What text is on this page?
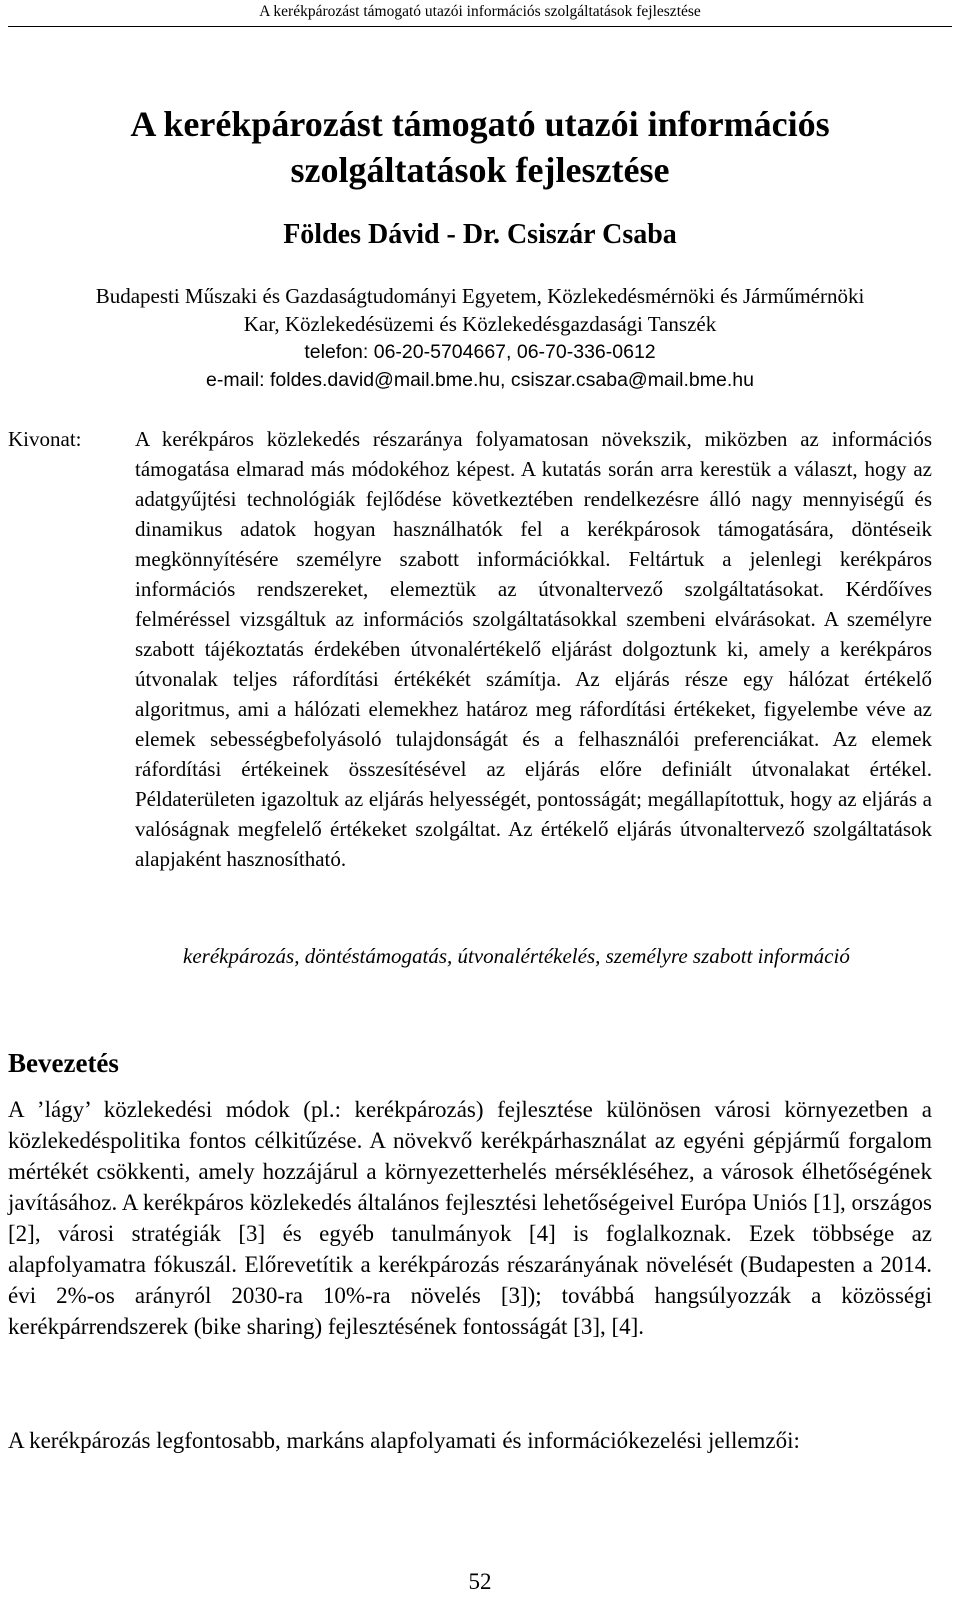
A kerékpározást támogató utazói információs szolgáltatások fejlesztése
A kerékpározást támogató utazói információs
szolgáltatások fejlesztése
Földes Dávid - Dr. Csiszár Csaba
Budapesti Műszaki és Gazdaságtudományi Egyetem, Közlekedésmérnöki és Járműmérnöki
Kar, Közlekedésüzemi és Közlekedésgazdasági Tanszék
telefon: 06-20-5704667, 06-70-336-0612
e-mail: foldes.david@mail.bme.hu, csiszar.csaba@mail.bme.hu
Kivonat:	A kerékpáros közlekedés részaránya folyamatosan növekszik, miközben az információs támogatása elmarad más módokéhoz képest. A kutatás során arra kerestük a választ, hogy az adatgyűjtési technológiák fejlődése következtében rendelkezésre álló nagy mennyiségű és dinamikus adatok hogyan használhatók fel a kerékpárosok támogatására, döntéseik megkönnyítésére személyre szabott információkkal. Feltártuk a jelenlegi kerékpáros információs rendszereket, elemeztük az útvonaltervező szolgáltatásokat. Kérdőíves felméréssel vizsgáltuk az információs szolgáltatásokkal szembeni elvárásokat. A személyre szabott tájékoztatás érdekében útvonalértékelő eljárást dolgoztunk ki, amely a kerékpáros útvonalak teljes ráfordítási értékékét számítja. Az eljárás része egy hálózat értékelő algoritmus, ami a hálózati elemekhez határoz meg ráfordítási értékeket, figyelembe véve az elemek sebességbefolyásoló tulajdonságát és a felhasználói preferenciákat. Az elemek ráfordítási értékeinek összesítésével az eljárás előre definiált útvonalakat értékel. Példaterületen igazoltuk az eljárás helyességét, pontosságát; megállapítottuk, hogy az eljárás a valóságnak megfelelő értékeket szolgáltat. Az értékelő eljárás útvonaltervező szolgáltatások alapjaként hasznosítható.

kerékpározás, döntéstámogatás, útvonalértékelés, személyre szabott információ

Bevezetés

A ’lágy’ közlekedési módok (pl.: kerékpározás) fejlesztése különösen városi környezetben a közlekedéspolitika fontos célkitűzése. A növekvő kerékpárhasználat az egyéni gépjármű forgalom mértékét csökkenti, amely hozzájárul a környezetterhelés mérsékléséhez, a városok élhetőségének javításához. A kerékpáros közlekedés általános fejlesztési lehetőségeivel Európa Uniós [1], országos [2], városi stratégiák [3] és egyéb tanulmányok [4] is foglalkoznak. Ezek többsége az alapfolyamatra fókuszál. Előrevetítik a kerékpározás részarányának növelését (Budapesten a 2014. évi 2%-os arányról 2030-ra 10%-ra növelés [3]); továbbá hangsúlyozzák a közösségi kerékpárrendszerek (bike sharing) fejlesztésének fontosságát [3], [4].

A kerékpározás legfontosabb, markáns alapfolyamati és információkezelési jellemzői:

52
